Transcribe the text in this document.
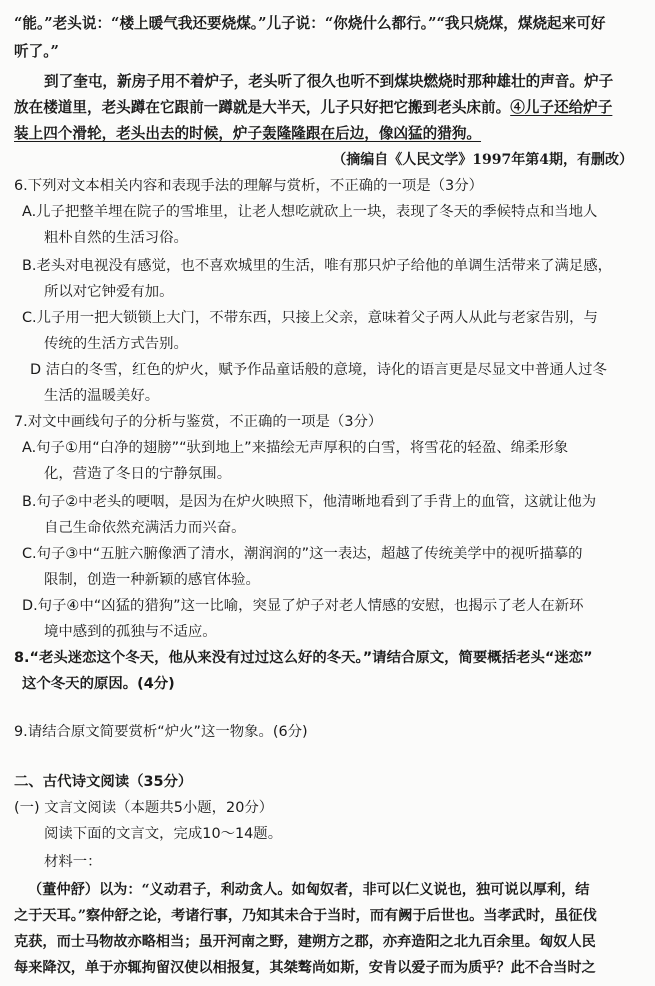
“能。”老头说：“楼上暖气我还要烧煤。”儿子说：“你烧什么都行。”“我只烧煤，煤烧起来可好
听了。”
到了奎屯，新房子用不着炉子，老头听了很久也听不到煤块燃烧时那种雄壮的声音。炉子
放在楼道里，老头蹲在它跟前一蹲就是大半天，儿子只好把它搬到老头床前。④儿子还给炉子
装上四个滑轮，老头出去的时候，炉子轰隆隆跟在后边，像凶猛的猎狗。
（摘编自《人民文学》1997年第4期，有删改）
6.下列对文本相关内容和表现手法的理解与赏析，不正确的一项是（3分）
A.儿子把整羊埋在院子的雪堆里，让老人想吃就砍上一块，表现了冬天的季候特点和当地人
粗朴自然的生活习俗。
B.老头对电视没有感觉，也不喜欢城里的生活，唯有那只炉子给他的单调生活带来了满足感，
所以对它钟爱有加。
C.儿子用一把大锁锁上大门，不带东西，只接上父亲，意味着父子两人从此与老家告别，与
传统的生活方式告别。
D 洁白的冬雪，红色的炉火，赋予作品童话般的意境，诗化的语言更是尽显文中普通人过冬
生活的温暖美好。
7.对文中画线句子的分析与鉴赏，不正确的一项是（3分）
A.句子①用“白净的翅膀”“驮到地上”来描绘无声厚积的白雪，将雪花的轻盈、绵柔形象
化，营造了冬日的宁静氛围。
B.句子②中老头的哽咽，是因为在炉火映照下，他清晰地看到了手背上的血管，这就让他为
自己生命依然充满活力而兴奋。
C.句子③中“五脏六腑像洒了清水，潮润润的”这一表达，超越了传统美学中的视听描摹的
限制，创造一种新颖的感官体验。
D.句子④中“凶猛的猎狗”这一比喻，突显了炉子对老人情感的安慰，也揭示了老人在新环
境中感到的孤独与不适应。
8.“老头迷恋这个冬天，他从来没有过过这么好的冬天。”请结合原文，简要概括老头“迷恋”
这个冬天的原因。(4分)
9.请结合原文简要赏析“炉火”这一物象。(6分)
二、古代诗文阅读（35分）
(一) 文言文阅读（本题共5小题，20分）
阅读下面的文言文，完成10～14题。
材料一：
（董仲舒）以为：“义动君子，利动贪人。如匈奴者，非可以仁义说也，独可说以厚利，结
之于天耳。”察仲舒之论，考诸行事，乃知其未合于当时，而有阙于后世也。当孝武时，虽征伐
克获，而士马物故亦略相当；虽开河南之野，建朔方之郡，亦弃造阳之北九百余里。匈奴人民
每来降汉，单于亦辄拘留汉使以相报复，其桀骜尚如斯，安肯以爱子而为质乎？此不合当时之
